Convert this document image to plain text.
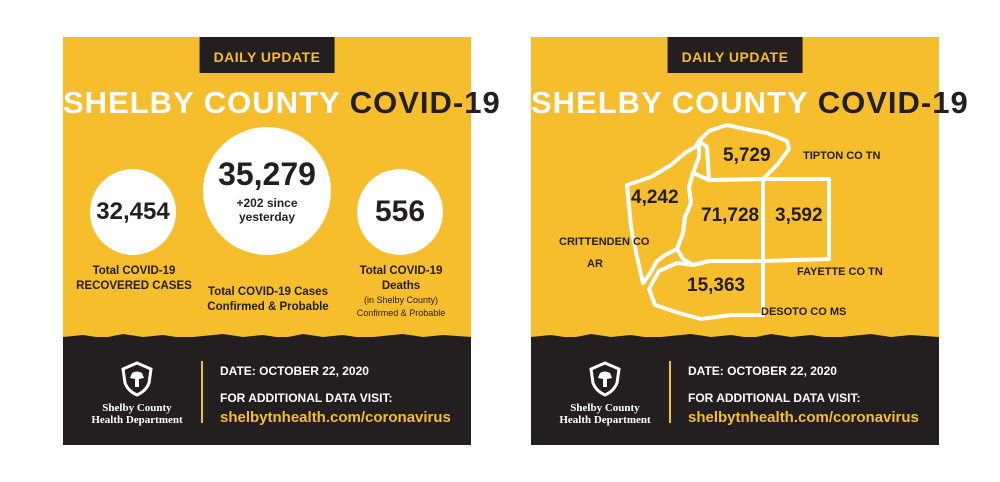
DAILY UPDATE
SHELBY COUNTY COVID-19
32,454
Total COVID-19
RECOVERED CASES
35,279
+202 since
yesterday
Total COVID-19 Cases
Confirmed & Probable
556
Total COVID-19 Deaths
(in Shelby County)
Confirmed & Probable
Shelby County
Health Department
DATE: OCTOBER 22, 2020
FOR ADDITIONAL DATA VISIT:
shelbytnhealth.com/coronavirus
DAILY UPDATE
SHELBY COUNTY COVID-19
5,729	TIPTON CO TN
4,242
CRITTENDEN CO
AR
71,728 3,592
FAYETTE CO TN
15,363
DESOTO CO MS
Shelby County
Health Department
DATE: OCTOBER 22, 2020
FOR ADDITIONAL DATA VISIT:
shelbytnhealth.com/coronavirus
